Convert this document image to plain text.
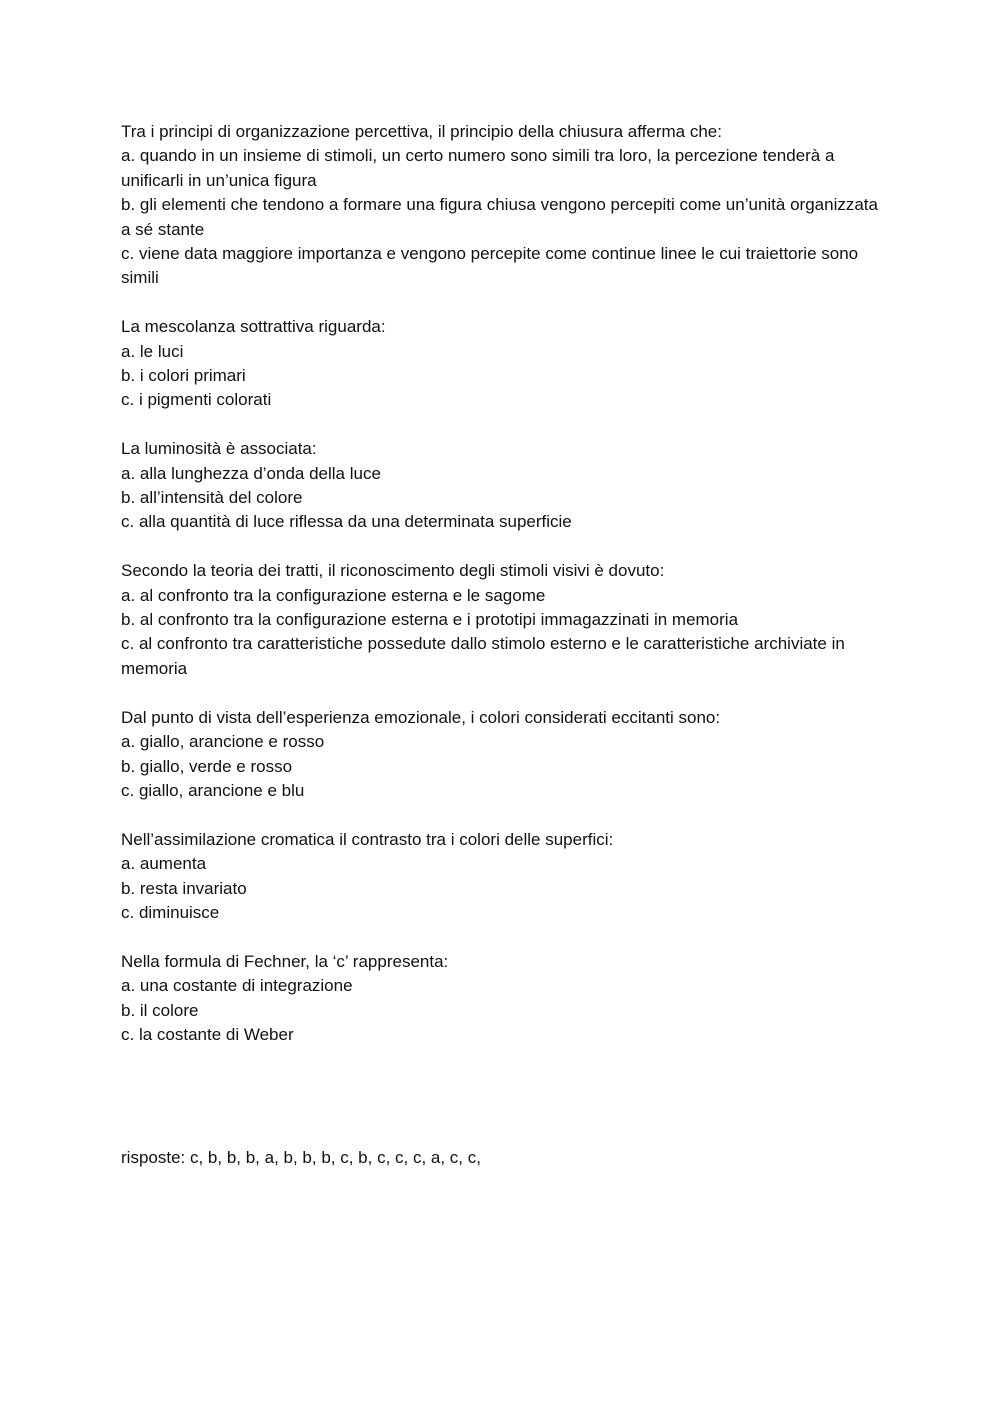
Tra i principi di organizzazione percettiva, il principio della chiusura afferma che:
a. quando in un insieme di stimoli, un certo numero sono simili tra loro, la percezione tenderà a unificarli in un’unica figura
b. gli elementi che tendono a formare una figura chiusa vengono percepiti come un’unità organizzata a sé stante
c. viene data maggiore importanza e vengono percepite come continue linee le cui traiettorie sono simili
La mescolanza sottrattiva riguarda:
a. le luci
b. i colori primari
c. i pigmenti colorati
La luminosità è associata:
a. alla lunghezza d’onda della luce
b. all’intensità del colore
c. alla quantità di luce riflessa da una determinata superficie
Secondo la teoria dei tratti, il riconoscimento degli stimoli visivi è dovuto:
a. al confronto tra la configurazione esterna e le sagome
b. al confronto tra la configurazione esterna e i prototipi immagazzinati in memoria
c. al confronto tra caratteristiche possedute dallo stimolo esterno e le caratteristiche archiviate in memoria
Dal punto di vista dell’esperienza emozionale, i colori considerati eccitanti sono:
a. giallo, arancione e rosso
b. giallo, verde e rosso
c. giallo, arancione e blu
Nell’assimilazione cromatica il contrasto tra i colori delle superfici:
a. aumenta
b. resta invariato
c. diminuisce
Nella formula di Fechner, la ‘c’ rappresenta:
a. una costante di integrazione
b. il colore
c. la costante di Weber
risposte: c, b, b, b, a, b, b, b, c, b, c, c, c, a, c, c,
